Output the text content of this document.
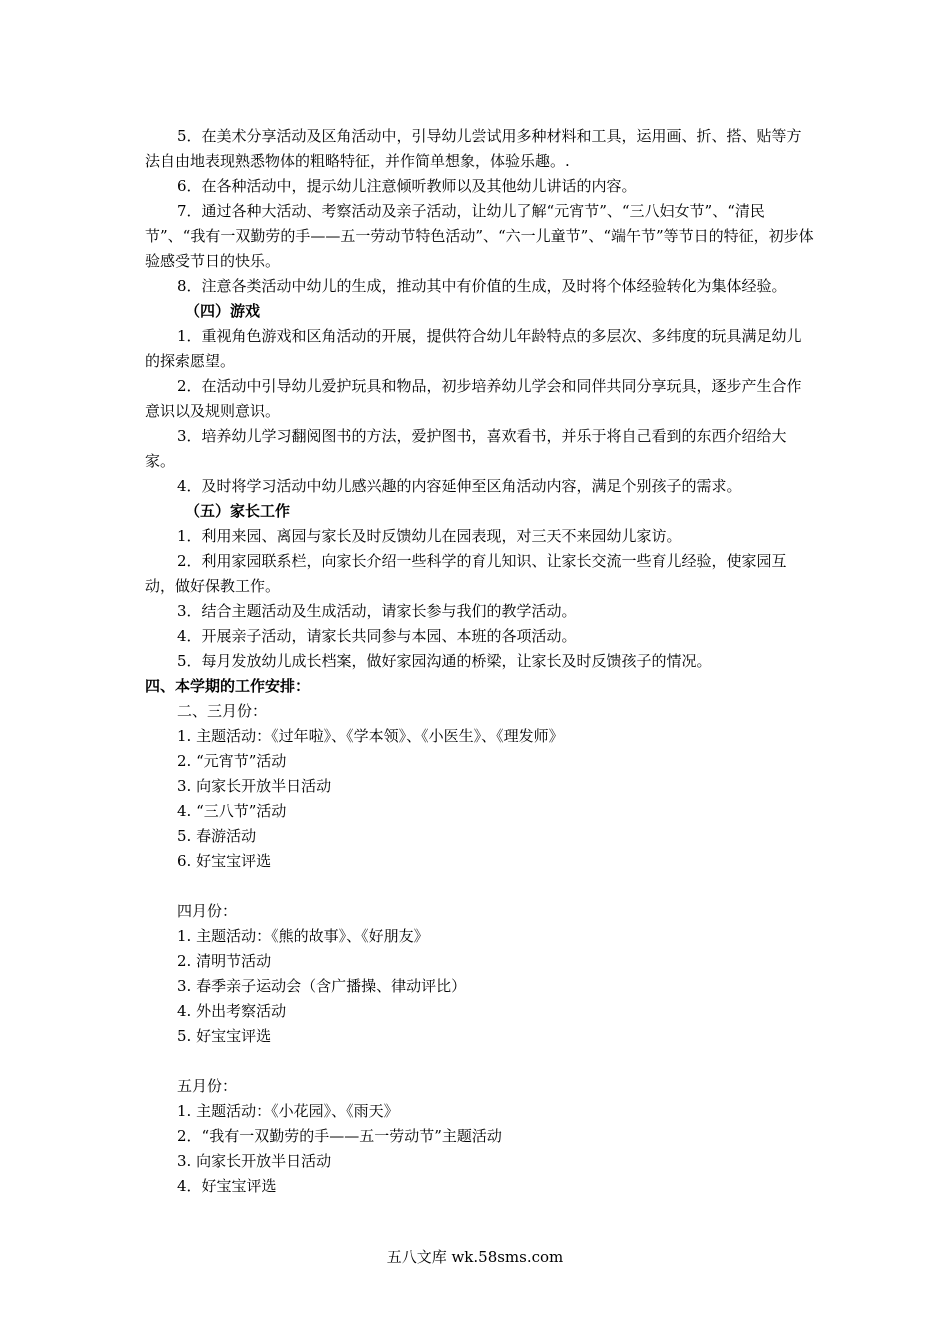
5．在美术分享活动及区角活动中，引导幼儿尝试用多种材料和工具，运用画、折、搭、贴等方法自由地表现熟悉物体的粗略特征，并作简单想象，体验乐趣。.

6．在各种活动中，提示幼儿注意倾听教师以及其他幼儿讲话的内容。

7．通过各种大活动、考察活动及亲子活动，让幼儿了解“元宵节”、“三八妇女节”、“清民节”、“我有一双勤劳的手——五一劳动节特色活动”、“六一儿童节”、“端午节”等节日的特征，初步体验感受节日的快乐。

8．注意各类活动中幼儿的生成，推动其中有价值的生成，及时将个体经验转化为集体经验。

（四）游戏

1．重视角色游戏和区角活动的开展，提供符合幼儿年龄特点的多层次、多纬度的玩具满足幼儿的探索愿望。

2．在活动中引导幼儿爱护玩具和物品，初步培养幼儿学会和同伴共同分享玩具，逐步产生合作意识以及规则意识。

3．培养幼儿学习翻阅图书的方法，爱护图书，喜欢看书，并乐于将自己看到的东西介绍给大家。

4．及时将学习活动中幼儿感兴趣的内容延伸至区角活动内容，满足个别孩子的需求。

（五）家长工作

1．利用来园、离园与家长及时反馈幼儿在园表现，对三天不来园幼儿家访。

2．利用家园联系栏，向家长介绍一些科学的育儿知识、让家长交流一些育儿经验，使家园互动，做好保教工作。

3．结合主题活动及生成活动，请家长参与我们的教学活动。

4．开展亲子活动，请家长共同参与本园、本班的各项活动。

5．每月发放幼儿成长档案，做好家园沟通的桥梁，让家长及时反馈孩子的情况。

四、本学期的工作安排：

二、三月份：

1. 主题活动：《过年啦》、《学本领》、《小医生》、《理发师》
2. “元宵节”活动
3. 向家长开放半日活动
4. “三八节”活动
5. 春游活动
6. 好宝宝评选

四月份：

1. 主题活动：《熊的故事》、《好朋友》
2. 清明节活动
3. 春季亲子运动会（含广播操、律动评比）
4. 外出考察活动
5. 好宝宝评选

五月份：

1. 主题活动：《小花园》、《雨天》
2．“我有一双勤劳的手——五一劳动节”主题活动
3. 向家长开放半日活动
4．好宝宝评选
五八文库 wk.58sms.com
